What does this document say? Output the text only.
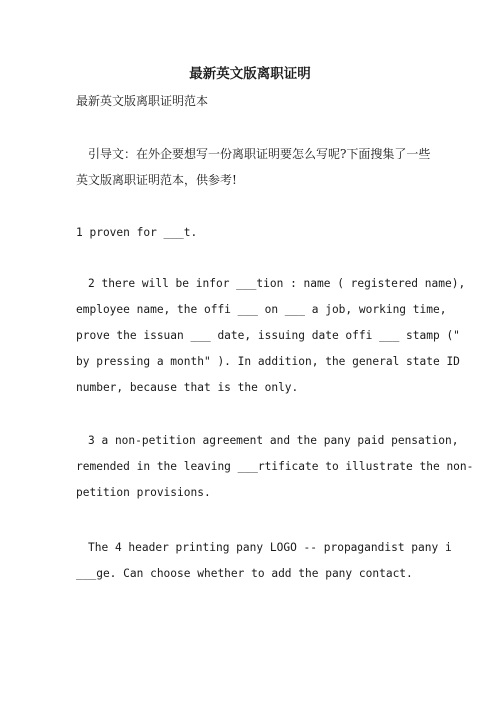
最新英文版离职证明
最新英文版离职证明范本
引导文：在外企要想写一份离职证明要怎么写呢?下面搜集了一些
英文版离职证明范本，供参考!
1 proven for ___t.
2 there will be infor ___tion : name ( registered name),
employee name, the offi ___ on ___ a job, working time,
prove the issuan ___ date, issuing date offi ___ stamp ("
by pressing a month" ). In addition, the general state ID
number, because that is the only.
3 a non-petition agreement and the pany paid pensation,
remended in the leaving ___rtificate to illustrate the non-
petition provisions.
The 4 header printing pany LOGO -- propagandist pany i
___ge. Can choose whether to add the pany contact.
